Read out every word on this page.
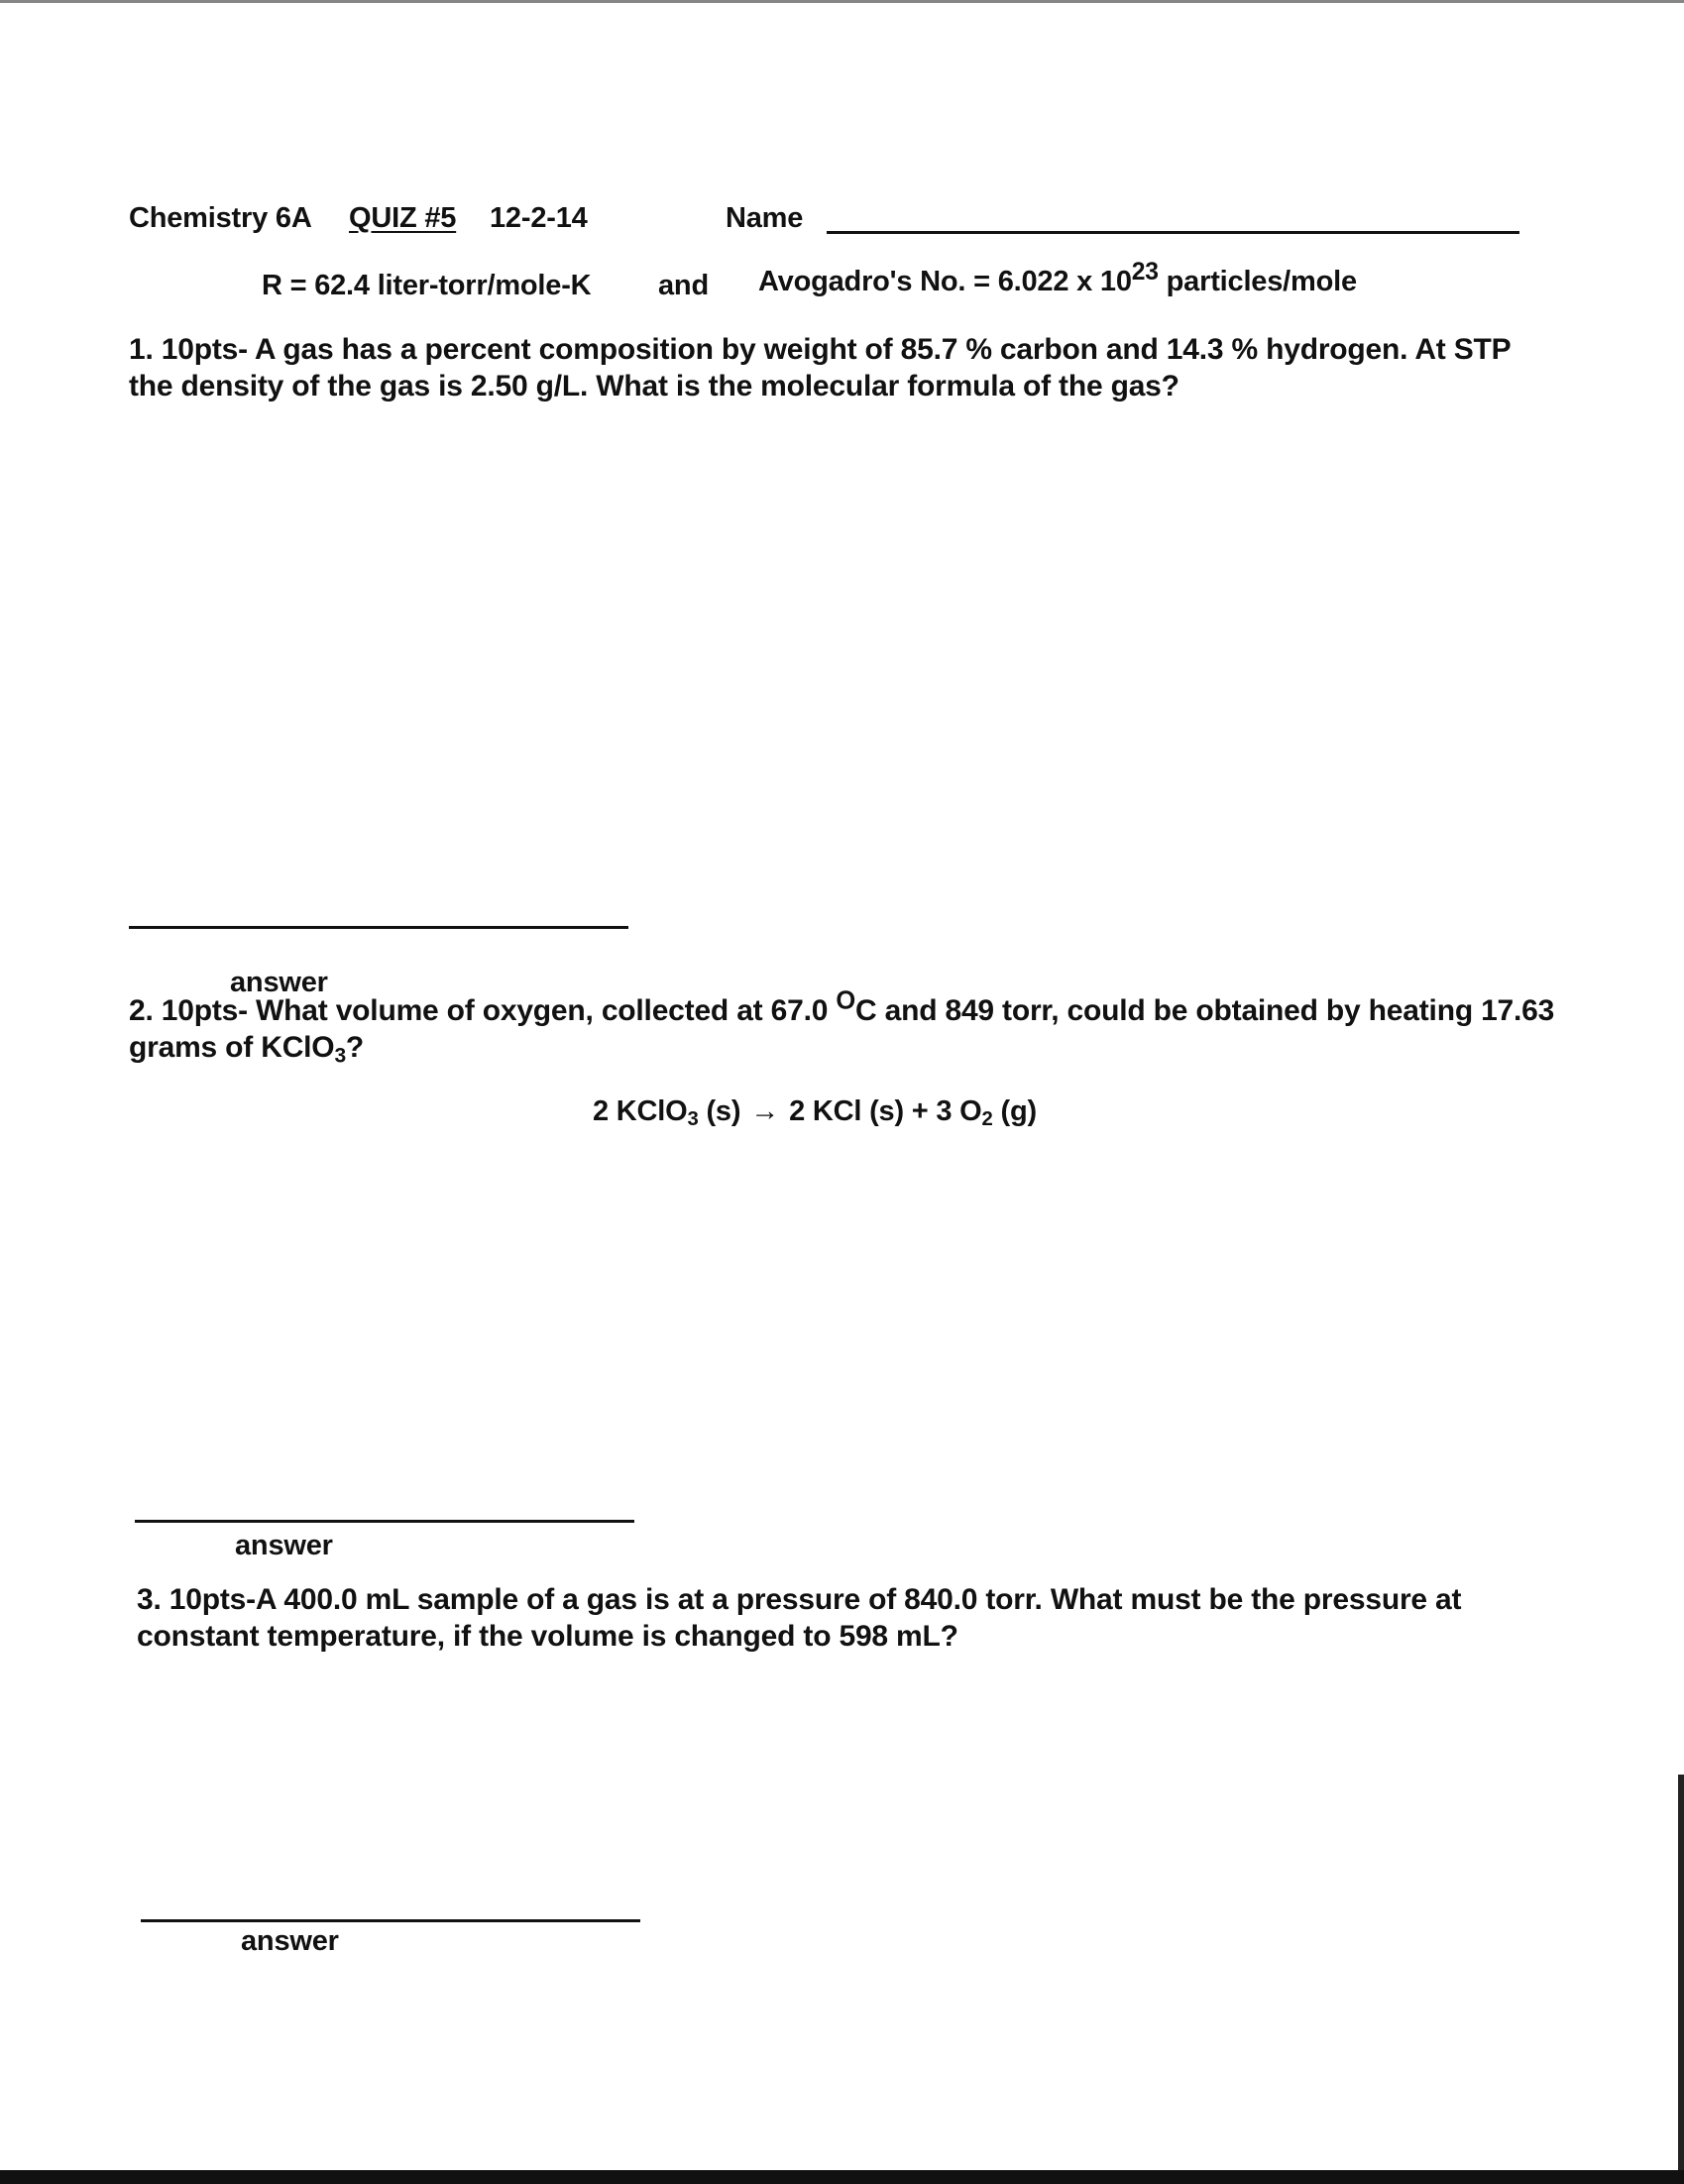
Chemistry 6A QUIZ #5 12-2-14	Name
R = 62.4 liter-torr/mole-K and Avogadro's No. = 6.022 x $10^{23}$ particles/mole
1. 10pts- A gas has a percent composition by weight of 85.7 % carbon and 14.3 % hydrogen. At STP the density of the gas is 2.50 g/L. What is the molecular formula of the gas?
answer
2. 10pts- What volume of oxygen, collected at 67.0 $^O$C and 849 torr, could be obtained by heating 17.63 grams of KClO$_3$?
2 KClO$_3$ (s) → 2 KCl (s) + 3 $O_2$ (g)
answer
3. 10pts-A 400.0 mL sample of a gas is at a pressure of 840.0 torr. What must be the pressure at constant temperature, if the volume is changed to 598 mL?
answer
